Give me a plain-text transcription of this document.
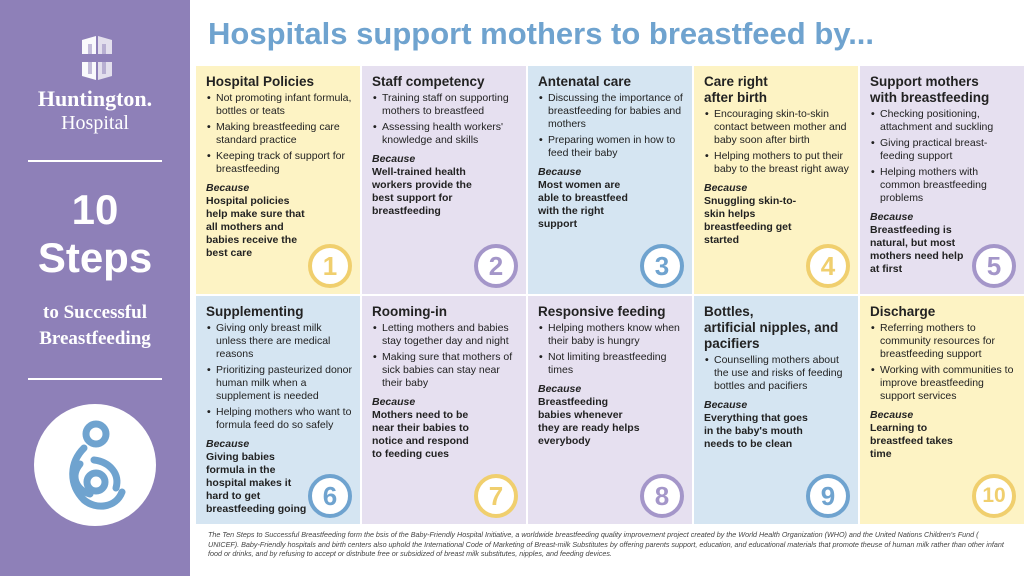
Huntington.
Hospital
10
Steps
to Successful
Breastfeeding
Hospitals support mothers to breastfeed by...
Hospital Policies
• Not promoting infant formula, bottles or teats
• Making breastfeeding care standard practice
• Keeping track of support for breastfeeding
Because
Hospital policies help make sure that all mothers and babies receive the best care	1
Staff competency
• Training staff on supporting mothers to breastfeed
• Assessing health workers' knowledge and skills
Because
Well-trained health workers provide the best support for breastfeeding
2
Antenatal care
• Discussing the importance of breastfeeding for babies and mothers
• Preparing women in how to feed their baby
Because
Most women are able to breastfeed with the right support
3
Care right
after birth
• Encouraging skin-to-skin contact between mother and baby soon after birth
• Helping mothers to put their baby to the breast right away
Because
Snuggling skin-to-skin helps breastfeeding get started
4
Support mothers
with breastfeeding
• Checking positioning, attachment and suckling
• Giving practical breast-feeding support
• Helping mothers with common breastfeeding problems
Because
Breastfeeding is natural, but most mothers need help at first	5
Supplementing
• Giving only breast milk unless there are medical reasons
• Prioritizing pasteurized donor human milk when a supplement is needed
• Helping mothers who want to formula feed do so safely
Because
Giving babies formula in the hospital makes it hard to get breastfeeding going 6
Rooming-in
• Letting mothers and babies stay together day and night
• Making sure that mothers of sick babies can stay near their baby
Because
Mothers need to be near their babies to notice and respond to feeding cues
7
Responsive feeding
• Helping mothers know when their baby is hungry
• Not limiting breastfeeding times
Because
Breastfeeding babies whenever they are ready helps everybody
8
Bottles,
artificial nipples, and pacifiers
• Counselling mothers about the use and risks of feeding bottles and pacifiers
Because
Everything that goes in the baby's mouth needs to be clean
9
Discharge
• Referring mothers to community resources for breastfeeding support
• Working with communities to improve breastfeeding support services
Because
Learning to breastfeed takes time
10
The Ten Steps to Successful Breastfeeding form the bsis of the Baby-Friendly Hospital Initiative, a worldwide breastfeeding quality improvement project created by the World Health Organization (WHO) and the United Nations Children's Fund ( UNICEF). Baby-Friendly hospitals and birth centers also uphold the International Code of Marketing of Breast-milk Substitutes by offering parents support, education, and educational materials that promote theuse of human milk rather than other infant food or drinks, and by refusing to accept or distribute free or subsidized of breast milk substitutes, nipples, and feeding devices.
